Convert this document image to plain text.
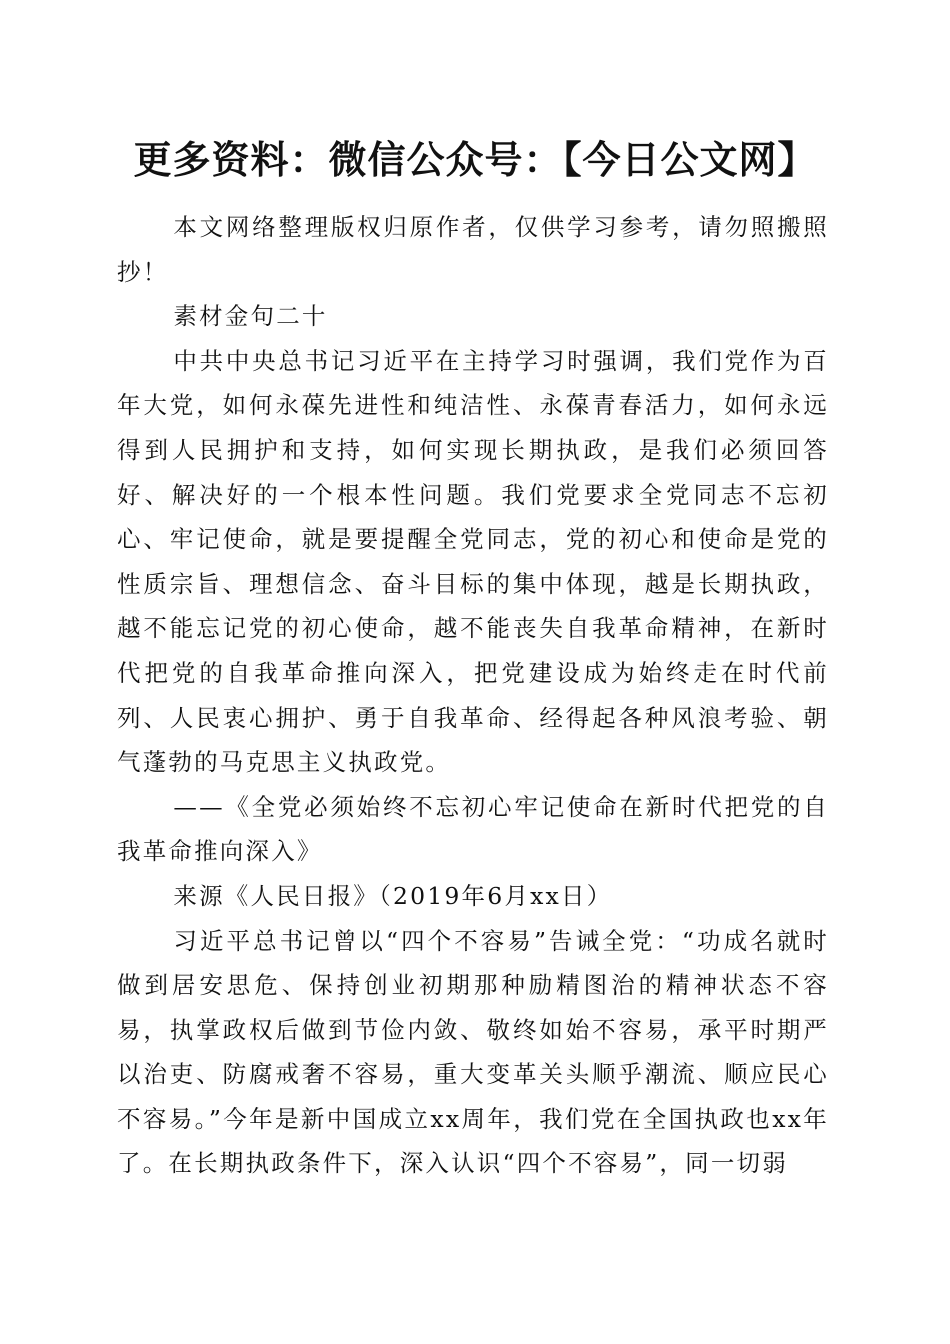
更多资料：微信公众号：【今日公文网】

本文网络整理版权归原作者，仅供学习参考，请勿照搬照抄！

素材金句二十

中共中央总书记习近平在主持学习时强调，我们党作为百年大党，如何永葆先进性和纯洁性、永葆青春活力，如何永远得到人民拥护和支持，如何实现长期执政，是我们必须回答好、解决好的一个根本性问题。我们党要求全党同志不忘初心、牢记使命，就是要提醒全党同志，党的初心和使命是党的性质宗旨、理想信念、奋斗目标的集中体现，越是长期执政，越不能忘记党的初心使命，越不能丧失自我革命精神，在新时代把党的自我革命推向深入，把党建设成为始终走在时代前列、人民衷心拥护、勇于自我革命、经得起各种风浪考验、朝气蓬勃的马克思主义执政党。

——《全党必须始终不忘初心牢记使命在新时代把党的自我革命推向深入》

来源《人民日报》（2019年6月xx日）

习近平总书记曾以“四个不容易”告诫全党：“功成名就时做到居安思危、保持创业初期那种励精图治的精神状态不容易，执掌政权后做到节俭内敛、敬终如始不容易，承平时期严以治吏、防腐戒奢不容易，重大变革关头顺乎潮流、顺应民心不容易。”今年是新中国成立xx周年，我们党在全国执政也xx年了。在长期执政条件下，深入认识“四个不容易”，同一切弱
